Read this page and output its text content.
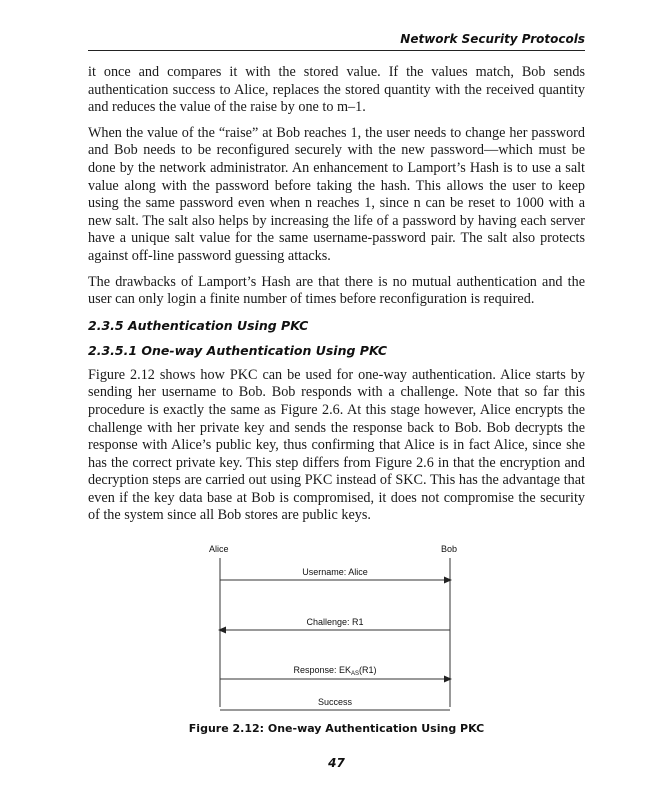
Network Security Protocols

it once and compares it with the stored value. If the values match, Bob sends authentication success to Alice, replaces the stored quantity with the received quantity and reduces the value of the raise by one to m–1.

When the value of the “raise” at Bob reaches 1, the user needs to change her password and Bob needs to be reconfigured securely with the new password—which must be done by the network administrator. An enhancement to Lamport’s Hash is to use a salt value along with the password before taking the hash. This allows the user to keep using the same password even when n reaches 1, since n can be reset to 1000 with a new salt. The salt also helps by increasing the life of a password by having each server have a unique salt value for the same username-password pair. The salt also protects against off-line password guessing attacks.

The drawbacks of Lamport’s Hash are that there is no mutual authentication and the user can only login a finite number of times before reconfiguration is required.

2.3.5 Authentication Using PKC
2.3.5.1 One-way Authentication Using PKC

Figure 2.12 shows how PKC can be used for one-way authentication. Alice starts by sending her username to Bob. Bob responds with a challenge. Note that so far this procedure is exactly the same as Figure 2.6. At this stage however, Alice encrypts the challenge with her private key and sends the response back to Bob. Bob decrypts the response with Alice’s public key, thus confirming that Alice is in fact Alice, since she has the correct private key. This step differs from Figure 2.6 in that the encryption and decryption steps are carried out using PKC instead of SKC. This has the advantage that even if the key data base at Bob is compromised, it does not compromise the security of the system since all Bob stores are public keys.

Alice	Bob
Username: Alice
Challenge: R1
Response: $EK_{AS}(R1)$
Success
Figure 2.12: One-way Authentication Using PKC
47
